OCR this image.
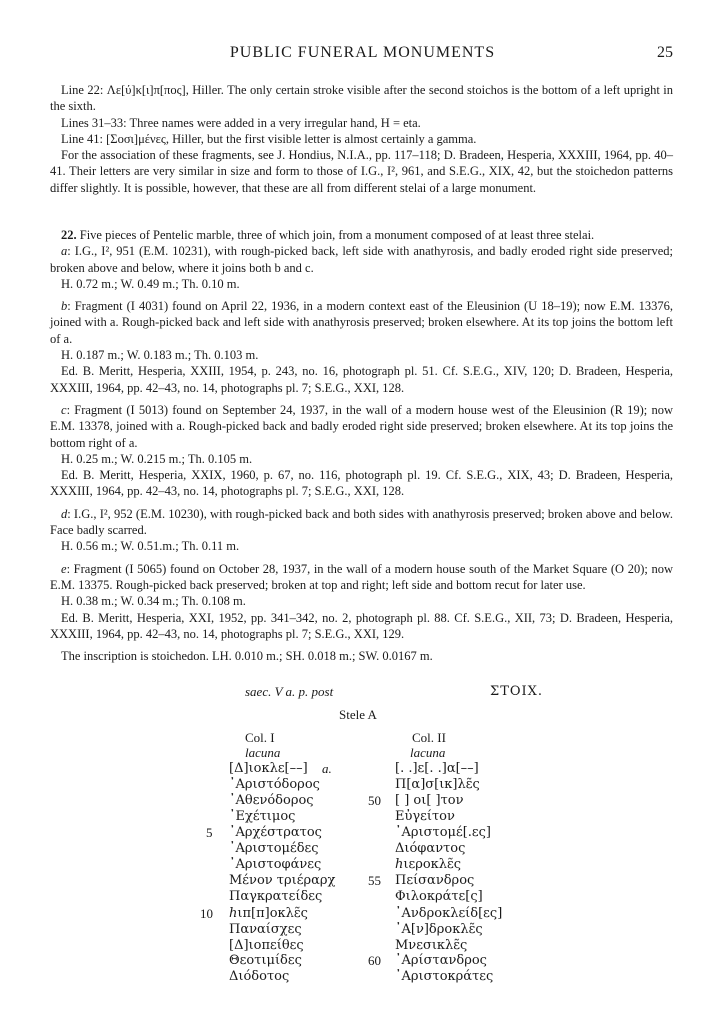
PUBLIC FUNERAL MONUMENTS	25

Line 22: Λε[ύ]κ[ι]π[πος], Hiller. The only certain stroke visible after the second stoichos is the bottom of a left upright in the sixth.

Lines 31–33: Three names were added in a very irregular hand, H = eta.

Line 41: [Σοσι]μένες, Hiller, but the first visible letter is almost certainly a gamma.

For the association of these fragments, see J. Hondius, N.I.A., pp. 117–118; D. Bradeen, Hesperia, XXXIII, 1964, pp. 40–41. Their letters are very similar in size and form to those of I.G., I², 961, and S.E.G., XIX, 42, but the stoichedon patterns differ slightly. It is possible, however, that these are all from different stelai of a large monument.

22. Five pieces of Pentelic marble, three of which join, from a monument composed of at least three stelai.

a: I.G., I², 951 (E.M. 10231), with rough-picked back, left side with anathyrosis, and badly eroded right side preserved; broken above and below, where it joins both b and c.

H. 0.72 m.; W. 0.49 m.; Th. 0.10 m.

b: Fragment (I 4031) found on April 22, 1936, in a modern context east of the Eleusinion (U 18–19); now E.M. 13376, joined with a. Rough-picked back and left side with anathyrosis preserved; broken elsewhere. At its top joins the bottom left of a.

H. 0.187 m.; W. 0.183 m.; Th. 0.103 m.

Ed. B. Meritt, Hesperia, XXIII, 1954, p. 243, no. 16, photograph pl. 51. Cf. S.E.G., XIV, 120; D. Bradeen, Hesperia, XXXIII, 1964, pp. 42–43, no. 14, photographs pl. 7; S.E.G., XXI, 128.

c: Fragment (I 5013) found on September 24, 1937, in the wall of a modern house west of the Eleusinion (R 19); now E.M. 13378, joined with a. Rough-picked back and badly eroded right side preserved; broken elsewhere. At its top joins the bottom right of a.

H. 0.25 m.; W. 0.215 m.; Th. 0.105 m.

Ed. B. Meritt, Hesperia, XXIX, 1960, p. 67, no. 116, photograph pl. 19. Cf. S.E.G., XIX, 43; D. Bradeen, Hesperia, XXXIII, 1964, pp. 42–43, no. 14, photographs pl. 7; S.E.G., XXI, 128.

d: I.G., I², 952 (E.M. 10230), with rough-picked back and both sides with anathyrosis preserved; broken above and below. Face badly scarred.

H. 0.56 m.; W. 0.51.m.; Th. 0.11 m.

e: Fragment (I 5065) found on October 28, 1937, in the wall of a modern house south of the Market Square (O 20); now E.M. 13375. Rough-picked back preserved; broken at top and right; left side and bottom recut for later use.

H. 0.38 m.; W. 0.34 m.; Th. 0.108 m.

Ed. B. Meritt, Hesperia, XXI, 1952, pp. 341–342, no. 2, photograph pl. 88. Cf. S.E.G., XII, 73; D. Bradeen, Hesperia, XXXIII, 1964, pp. 42–43, no. 14, photographs pl. 7; S.E.G., XXI, 129.

The inscription is stoichedon. LH. 0.010 m.; SH. 0.018 m.; SW. 0.0167 m.

saec. V a. p. post	ΣΤΟΙΧ.
Stele A
Col. I
lacuna
a.
Col. II
lacuna
5
10
50
55
60
[Δ]ιοκλε[––]
᾿Αριστόδορος
᾿Αθενόδορος
᾿Εχέτιμος
᾿Αρχέστρατος
᾿Αριστομέδες
᾿Αριστοφάνες
Μένον τριέραρχ
Παγκρατείδες
ℎιπ[π]οκλε̃ς
Παναίσχες
[Δ]ιοπείθες
Θεοτιμίδες
Διόδοτος
[. .]ε[. .]α[––]
Π[α]σ[ικ]λε̃ς
[ ] οι[ ]τον
Εὐγείτον
᾿Αριστομέ[.ες]
Διόφαντος
ℎιεροκλε̃ς
Πείσανδρος
Φιλοκράτε[ς]
᾿Ανδροκλείδ[ες]
᾿Α[ν]δροκλε̃ς
Μνεσικλε̃ς
᾿Αρίστανδρος
᾿Αριστοκράτες
